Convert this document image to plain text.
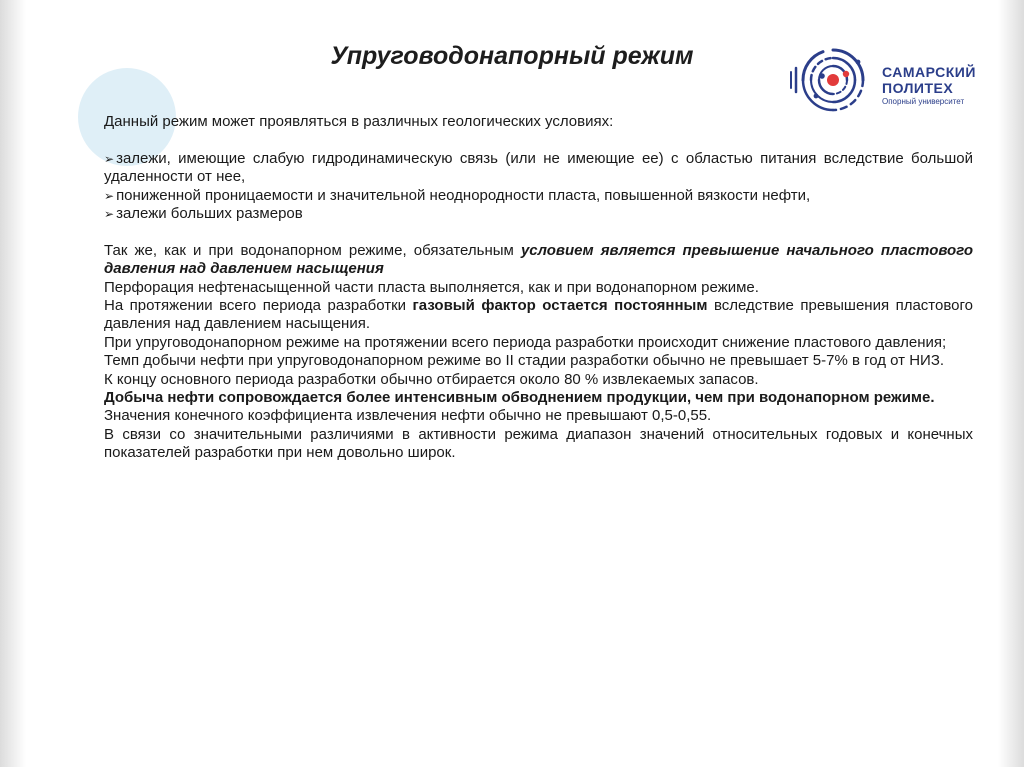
Упруговодонапорный режим
САМАРСКИЙ
ПОЛИТЕХ
Опорный университет

Данный режим может проявляться в различных геологических условиях:

➢ залежи, имеющие слабую гидродинамическую связь (или не имеющие ее) с областью питания вследствие большой удаленности от нее,

➢ пониженной проницаемости и значительной неоднородности пласта, повышенной вязкости нефти,

➢ залежи больших размеров

Так же, как и при водонапорном режиме, обязательным условием является превышение начального пластового давления над давлением насыщения

Перфорация нефтенасыщенной части пласта выполняется, как и при водонапорном режиме.

На протяжении всего периода разработки газовый фактор остается постоянным вследствие превышения пластового давления над давлением насыщения.

При упруговодонапорном режиме на протяжении всего периода разработки происходит снижение пластового давления;

Темп добычи нефти при упруговодонапорном режиме во II стадии разработки обычно не превышает 5-7% в год от НИЗ.

К концу основного периода разработки обычно отбирается около 80 % извлекаемых запасов.

Добыча нефти сопровождается более интенсивным обводнением продукции, чем при водонапорном режиме.

Значения конечного коэффициента извлечения нефти обычно не превышают 0,5-0,55.

В связи со значительными различиями в активности режима диапазон значений относительных годовых и конечных показателей разработки при нем довольно широк.
